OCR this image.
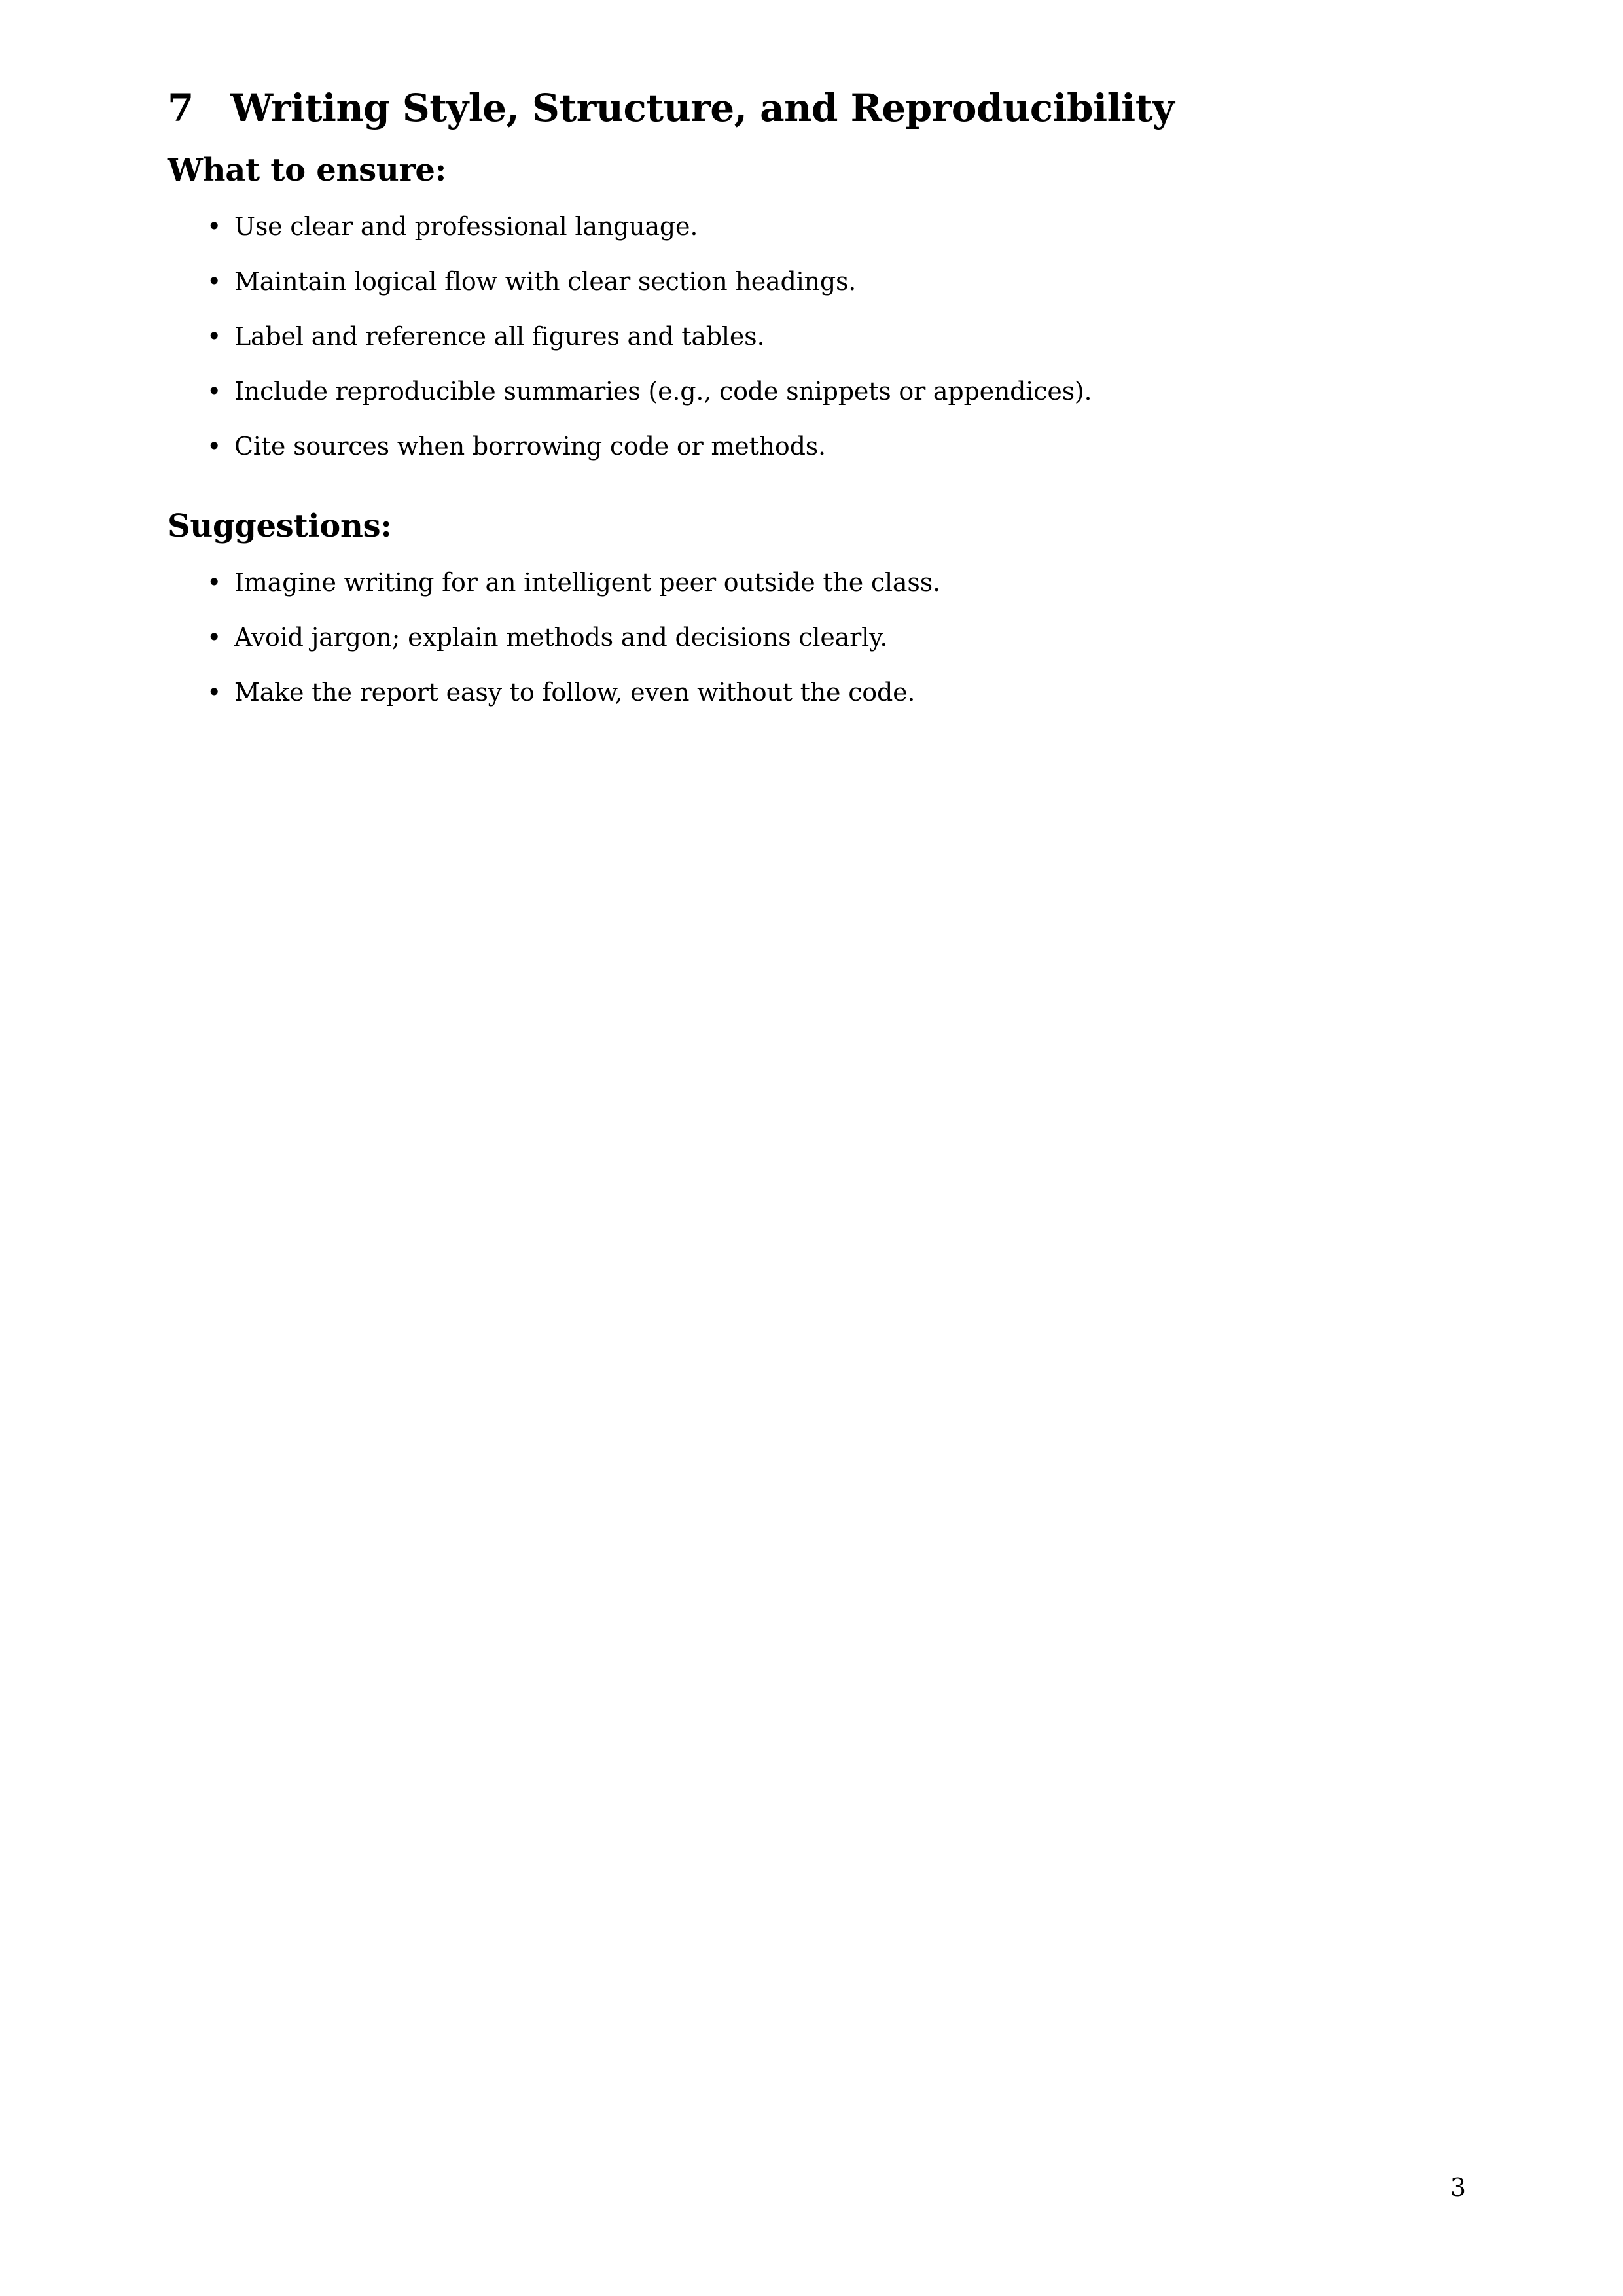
7 Writing Style, Structure, and Reproducibility
What to ensure:
• Use clear and professional language.
• Maintain logical flow with clear section headings.
• Label and reference all figures and tables.
• Include reproducible summaries (e.g., code snippets or appendices).
• Cite sources when borrowing code or methods.
Suggestions:
• Imagine writing for an intelligent peer outside the class.
• Avoid jargon; explain methods and decisions clearly.
• Make the report easy to follow, even without the code.
3
